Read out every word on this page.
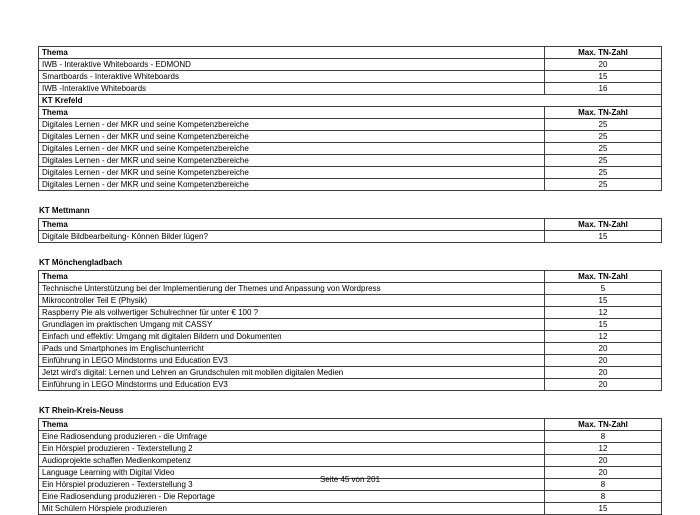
Thema	Max. TN-Zahl
IWB - Interaktive Whiteboards - EDMOND	20
Smartboards - Interaktive Whiteboards	15
IWB -Interaktive Whiteboards	16
KT Krefeld	
Thema	Max. TN-Zahl
Digitales Lernen - der MKR und seine Kompetenzbereiche	25
Digitales Lernen - der MKR und seine Kompetenzbereiche	25
Digitales Lernen - der MKR und seine Kompetenzbereiche	25
Digitales Lernen - der MKR und seine Kompetenzbereiche	25
Digitales Lernen - der MKR und seine Kompetenzbereiche	25
Digitales Lernen - der MKR und seine Kompetenzbereiche	25
KT Mettmann
Thema	Max. TN-Zahl
Digitale Bildbearbeitung- Können Bilder lügen?	15
KT Mönchengladbach
Thema	Max. TN-Zahl
Technische Unterstützung bei der Implementierung der Themes und Anpassung von Wordpress	5
Mikrocontroller Teil E (Physik)	15
Raspberry Pie als vollwertiger Schulrechner für unter € 100 ?	12
Grundlagen im praktischen Umgang mit CASSY	15
Einfach und effektiv: Umgang mit digitalen Bildern und Dokumenten	12
iPads und Smartphones im Englischunterricht	20
Einführung in LEGO Mindstorms und Education EV3	20
Jetzt wird's digital: Lernen und Lehren an Grundschulen mit mobilen digitalen Medien	20
Einführung in LEGO Mindstorms und Education EV3	20
KT Rhein-Kreis-Neuss
Thema	Max. TN-Zahl
Eine Radiosendung produzieren - die Umfrage	8
Ein Hörspiel produzieren - Texterstellung 2	12
Audioprojekte schaffen Medienkompetenz	20
Language Learning with Digital Video	20
Ein Hörspiel produzieren - Texterstellung 3	8
Eine Radiosendung produzieren - Die Reportage	8
Mit Schülern Hörspiele produzieren	15
Seite 45 von 201
